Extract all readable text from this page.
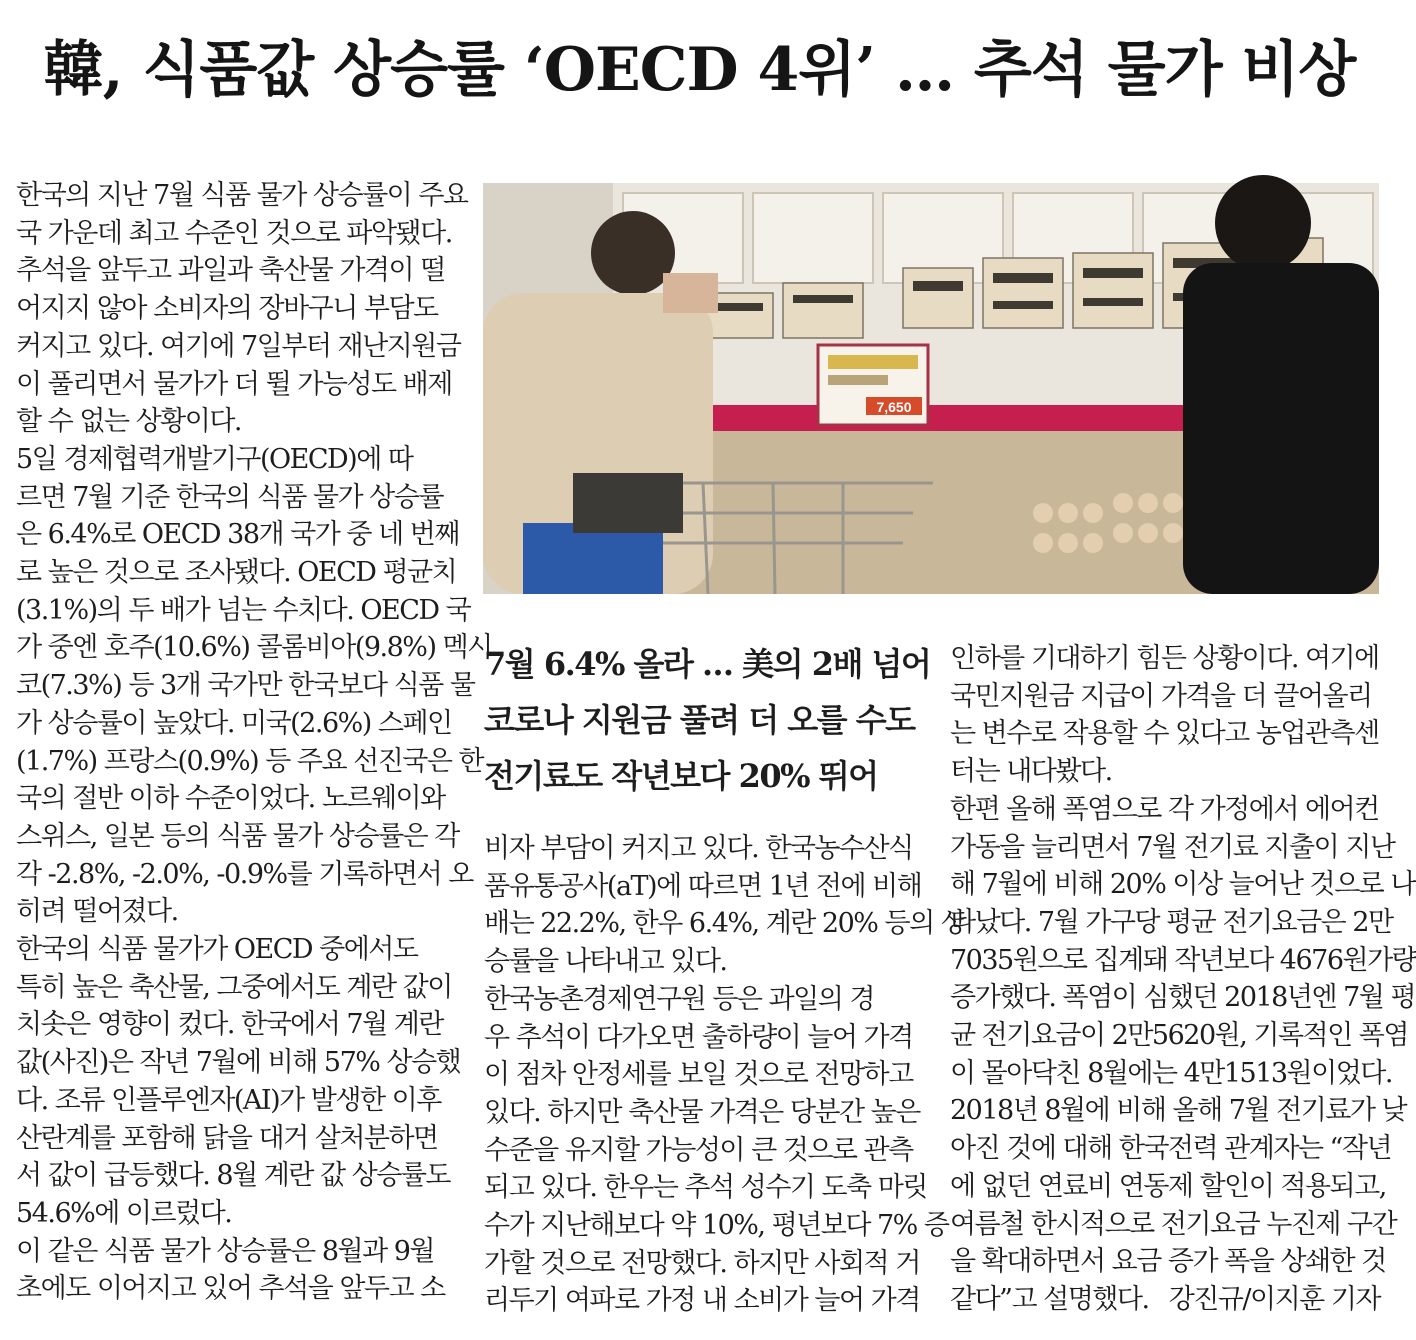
韓, 식품값 상승률 ‘OECD 4위’ … 추석 물가 비상
한국의 지난 7월 식품 물가 상승률이 주요
국 가운데 최고 수준인 것으로 파악됐다.
추석을 앞두고 과일과 축산물 가격이 떨
어지지 않아 소비자의 장바구니 부담도
커지고 있다. 여기에 7일부터 재난지원금
이 풀리면서 물가가 더 뛸 가능성도 배제
할 수 없는 상황이다.
5일 경제협력개발기구(OECD)에 따
르면 7월 기준 한국의 식품 물가 상승률
은 6.4%로 OECD 38개 국가 중 네 번째
로 높은 것으로 조사됐다. OECD 평균치
(3.1%)의 두 배가 넘는 수치다. OECD 국
가 중엔 호주(10.6%) 콜롬비아(9.8%) 멕시
코(7.3%) 등 3개 국가만 한국보다 식품 물
가 상승률이 높았다. 미국(2.6%) 스페인
(1.7%) 프랑스(0.9%) 등 주요 선진국은 한
국의 절반 이하 수준이었다. 노르웨이와
스위스, 일본 등의 식품 물가 상승률은 각
각 -2.8%, -2.0%, -0.9%를 기록하면서 오
히려 떨어졌다.
한국의 식품 물가가 OECD 중에서도
특히 높은 축산물, 그중에서도 계란 값이
치솟은 영향이 컸다. 한국에서 7월 계란
값(사진)은 작년 7월에 비해 57% 상승했
다. 조류 인플루엔자(AI)가 발생한 이후
산란계를 포함해 닭을 대거 살처분하면
서 값이 급등했다. 8월 계란 값 상승률도
54.6%에 이르렀다.
이 같은 식품 물가 상승률은 8월과 9월
초에도 이어지고 있어 추석을 앞두고 소
7,650
7월 6.4% 올라 … 美의 2배 넘어
코로나 지원금 풀려 더 오를 수도
전기료도 작년보다 20% 뛰어
비자 부담이 커지고 있다. 한국농수산식
품유통공사(aT)에 따르면 1년 전에 비해
배는 22.2%, 한우 6.4%, 계란 20% 등의 상
승률을 나타내고 있다.
한국농촌경제연구원 등은 과일의 경
우 추석이 다가오면 출하량이 늘어 가격
이 점차 안정세를 보일 것으로 전망하고
있다. 하지만 축산물 가격은 당분간 높은
수준을 유지할 가능성이 큰 것으로 관측
되고 있다. 한우는 추석 성수기 도축 마릿
수가 지난해보다 약 10%, 평년보다 7% 증
가할 것으로 전망했다. 하지만 사회적 거
리두기 여파로 가정 내 소비가 늘어 가격
인하를 기대하기 힘든 상황이다. 여기에
국민지원금 지급이 가격을 더 끌어올리
는 변수로 작용할 수 있다고 농업관측센
터는 내다봤다.
한편 올해 폭염으로 각 가정에서 에어컨
가동을 늘리면서 7월 전기료 지출이 지난
해 7월에 비해 20% 이상 늘어난 것으로 나
타났다. 7월 가구당 평균 전기요금은 2만
7035원으로 집계돼 작년보다 4676원가량
증가했다. 폭염이 심했던 2018년엔 7월 평
균 전기요금이 2만5620원, 기록적인 폭염
이 몰아닥친 8월에는 4만1513원이었다.
2018년 8월에 비해 올해 7월 전기료가 낮
아진 것에 대해 한국전력 관계자는 “작년
에 없던 연료비 연동제 할인이 적용되고,
여름철 한시적으로 전기요금 누진제 구간
을 확대하면서 요금 증가 폭을 상쇄한 것
같다”고 설명했다. 강진규/이지훈 기자
